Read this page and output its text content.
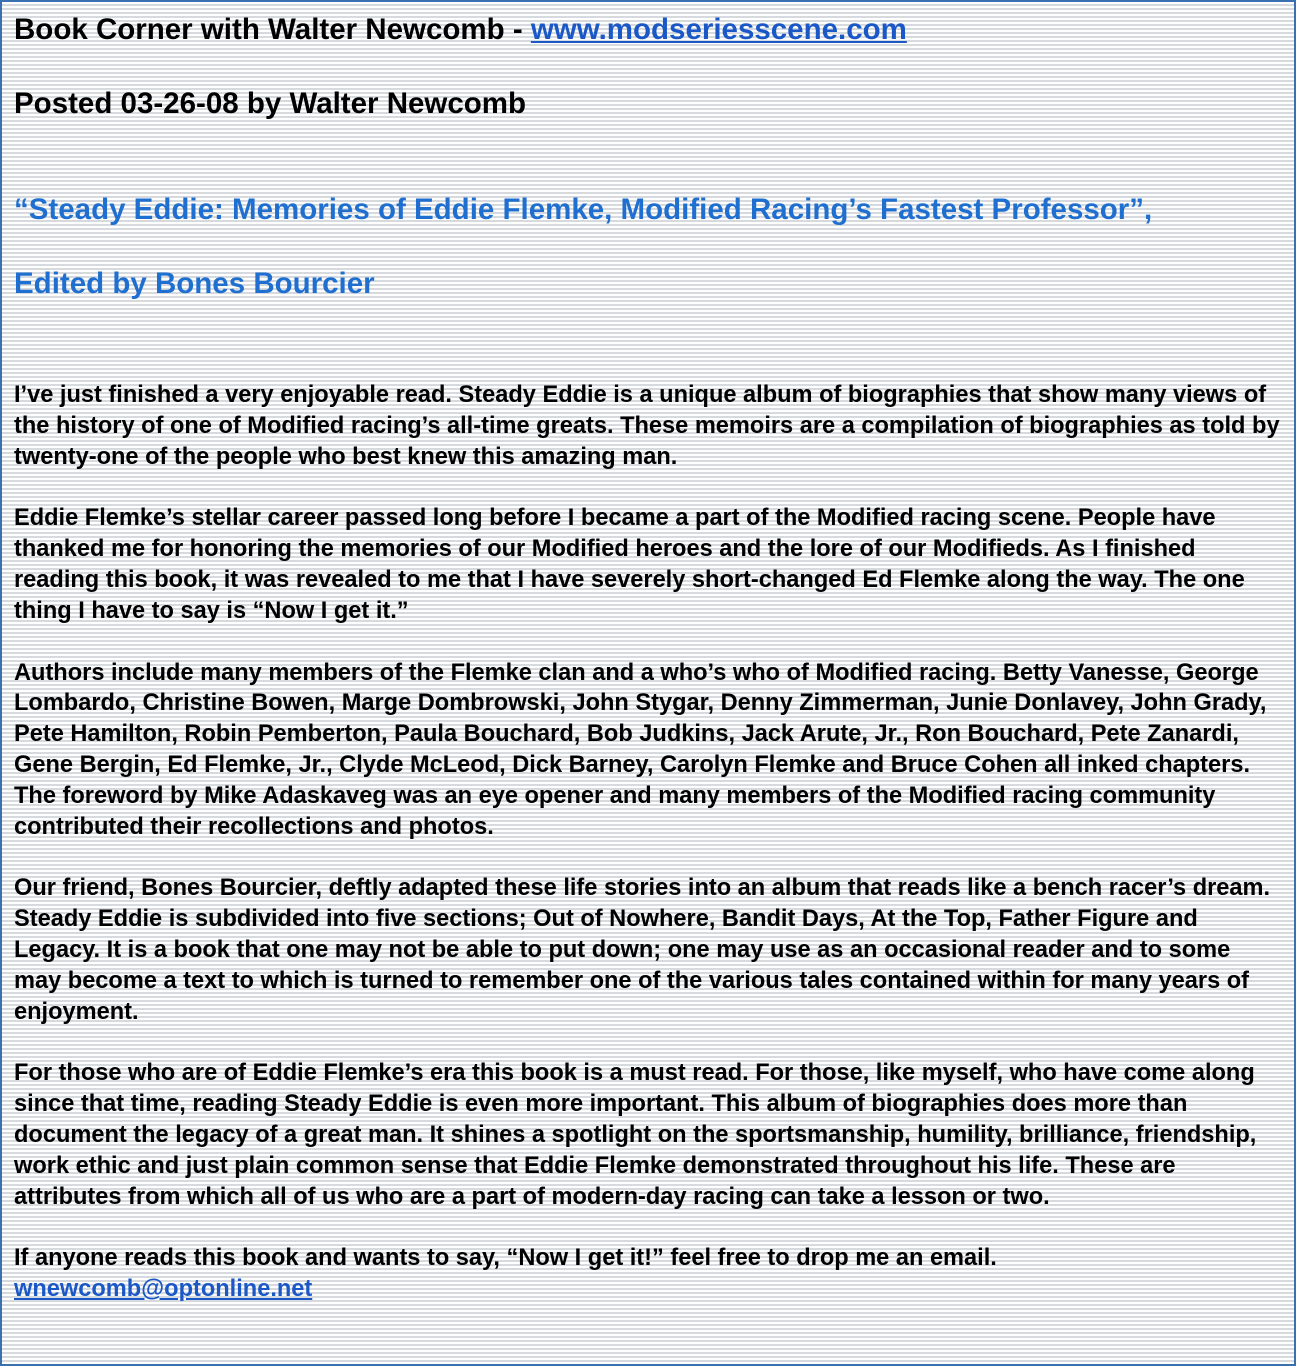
Book Corner with Walter Newcomb - www.modseriesscene.com

Posted 03-26-08 by Walter Newcomb

“Steady Eddie: Memories of Eddie Flemke, Modified Racing’s Fastest Professor”,

Edited by Bones Bourcier

I’ve just finished a very enjoyable read. Steady Eddie is a unique album of biographies that show many views of the history of one of Modified racing’s all-time greats. These memoirs are a compilation of biographies as told by twenty-one of the people who best knew this amazing man.

Eddie Flemke’s stellar career passed long before I became a part of the Modified racing scene. People have thanked me for honoring the memories of our Modified heroes and the lore of our Modifieds. As I finished reading this book, it was revealed to me that I have severely short-changed Ed Flemke along the way. The one thing I have to say is “Now I get it.”

Authors include many members of the Flemke clan and a who’s who of Modified racing. Betty Vanesse, George Lombardo, Christine Bowen, Marge Dombrowski, John Stygar, Denny Zimmerman, Junie Donlavey, John Grady, Pete Hamilton, Robin Pemberton, Paula Bouchard, Bob Judkins, Jack Arute, Jr., Ron Bouchard, Pete Zanardi, Gene Bergin, Ed Flemke, Jr., Clyde McLeod, Dick Barney, Carolyn Flemke and Bruce Cohen all inked chapters. The foreword by Mike Adaskaveg was an eye opener and many members of the Modified racing community contributed their recollections and photos.

Our friend, Bones Bourcier, deftly adapted these life stories into an album that reads like a bench racer’s dream. Steady Eddie is subdivided into five sections; Out of Nowhere, Bandit Days, At the Top, Father Figure and Legacy. It is a book that one may not be able to put down; one may use as an occasional reader and to some may become a text to which is turned to remember one of the various tales contained within for many years of enjoyment.

For those who are of Eddie Flemke’s era this book is a must read. For those, like myself, who have come along since that time, reading Steady Eddie is even more important. This album of biographies does more than document the legacy of a great man. It shines a spotlight on the sportsmanship, humility, brilliance, friendship, work ethic and just plain common sense that Eddie Flemke demonstrated throughout his life. These are attributes from which all of us who are a part of modern-day racing can take a lesson or two.

If anyone reads this book and wants to say, “Now I get it!” feel free to drop me an email.
wnewcomb@optonline.net
